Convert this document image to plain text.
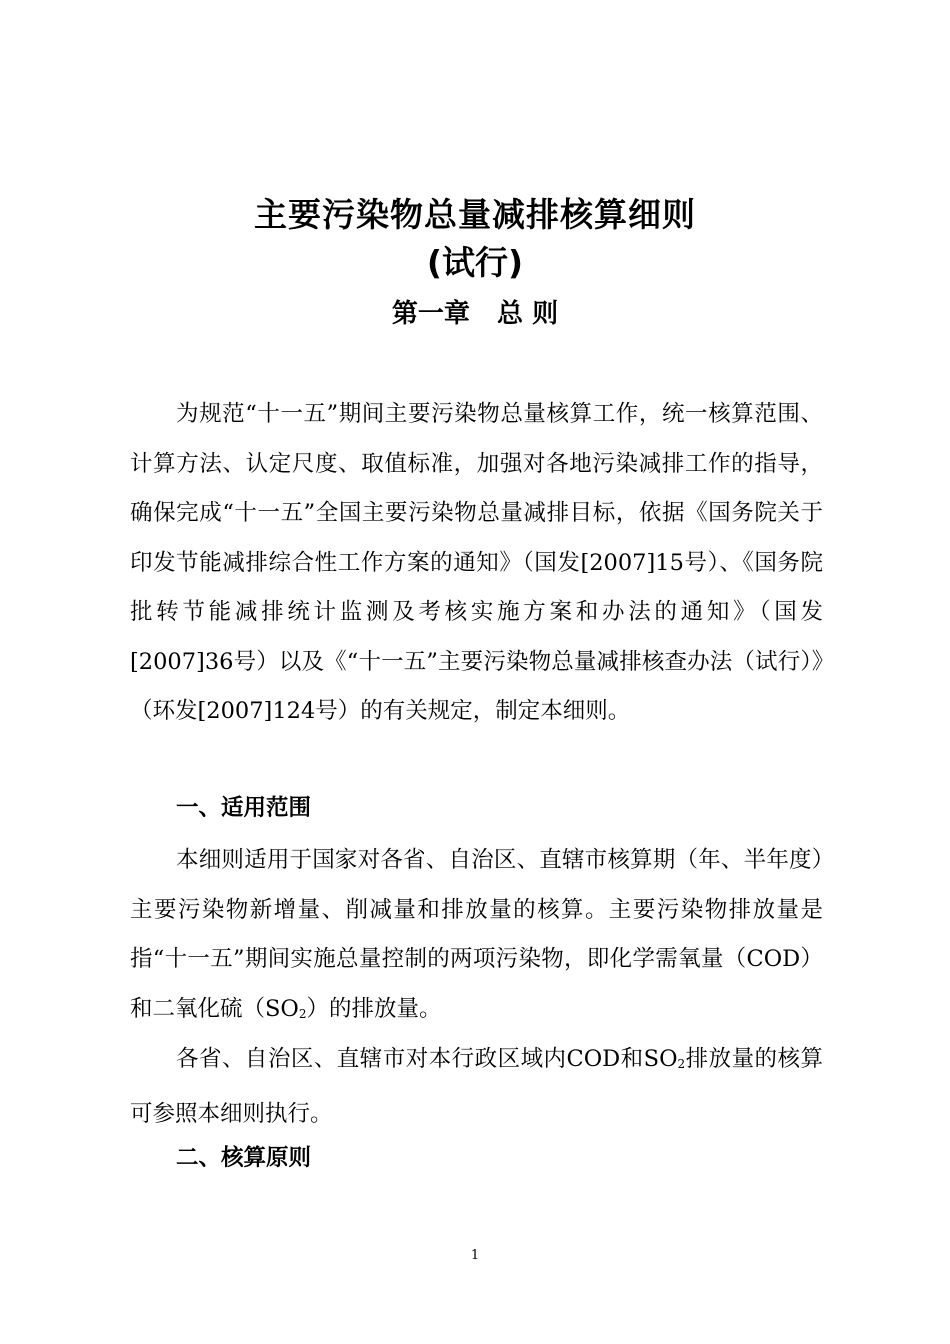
主要污染物总量减排核算细则
(试行)
第一章   总 则
为规范“十一五”期间主要污染物总量核算工作，统一核算范围、计算方法、认定尺度、取值标准，加强对各地污染减排工作的指导，确保完成“十一五”全国主要污染物总量减排目标，依据《国务院关于印发节能减排综合性工作方案的通知》（国发[2007]15号）、《国务院批转节能减排统计监测及考核实施方案和办法的通知》（国发[2007]36号）以及《“十一五”主要污染物总量减排核查办法（试行）》（环发[2007]124号）的有关规定，制定本细则。
一、适用范围
本细则适用于国家对各省、自治区、直辖市核算期（年、半年度）主要污染物新增量、削减量和排放量的核算。主要污染物排放量是指“十一五”期间实施总量控制的两项污染物，即化学需氧量（COD）和二氧化硫$(SO_2)$的排放量。
各省、自治区、直辖市对本行政区域内COD和$SO_2$排放量的核算可参照本细则执行。
二、核算原则
1
